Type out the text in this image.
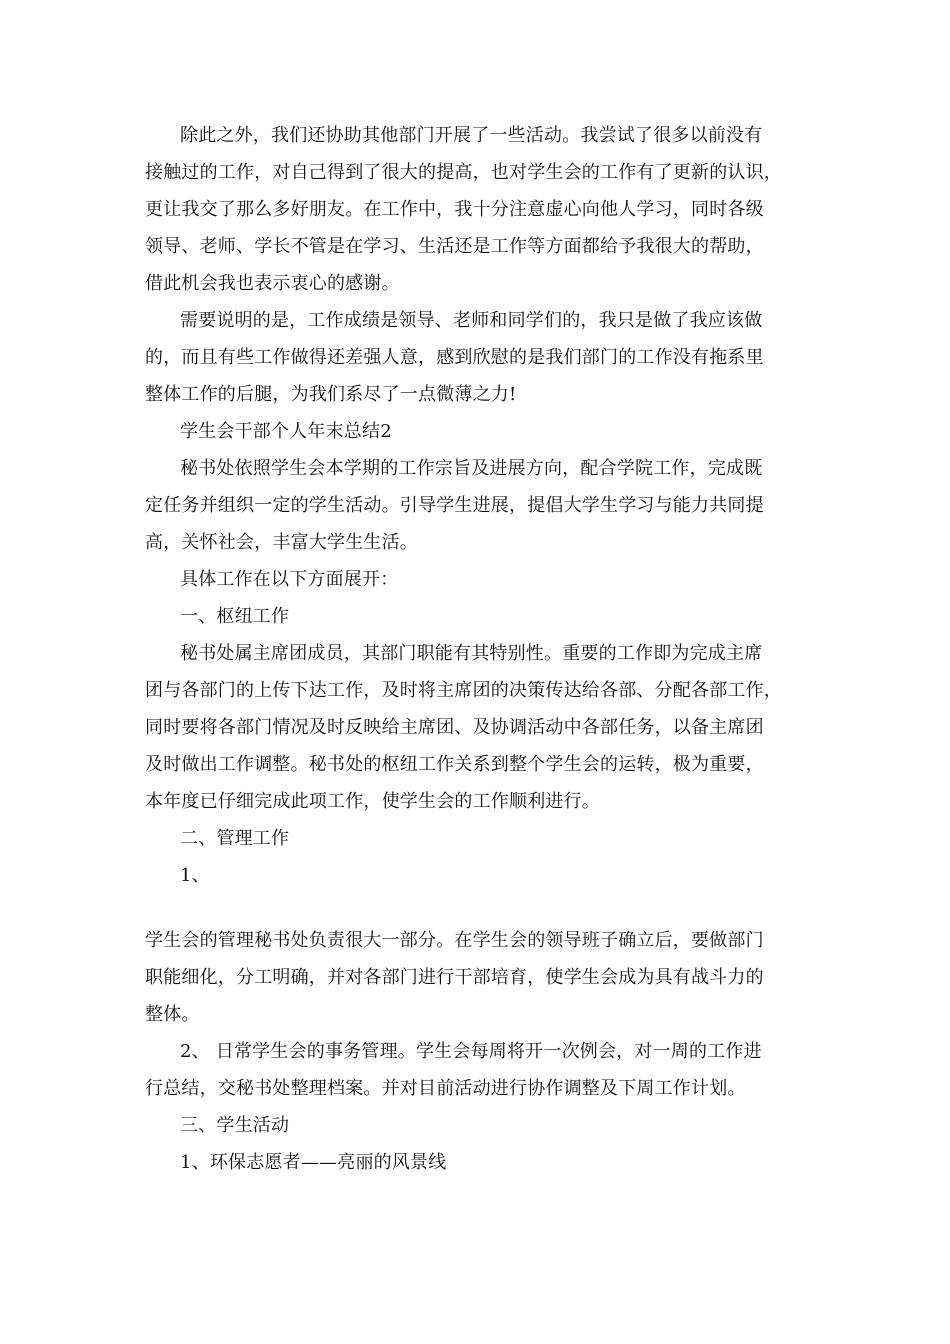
除此之外，我们还协助其他部门开展了一些活动。我尝试了很多以前没有
接触过的工作，对自己得到了很大的提高，也对学生会的工作有了更新的认识，
更让我交了那么多好朋友。在工作中，我十分注意虚心向他人学习，同时各级
领导、老师、学长不管是在学习、生活还是工作等方面都给予我很大的帮助，
借此机会我也表示衷心的感谢。
需要说明的是，工作成绩是领导、老师和同学们的，我只是做了我应该做
的，而且有些工作做得还差强人意，感到欣慰的是我们部门的工作没有拖系里
整体工作的后腿，为我们系尽了一点微薄之力!
学生会干部个人年末总结2
秘书处依照学生会本学期的工作宗旨及进展方向，配合学院工作，完成既
定任务并组织一定的学生活动。引导学生进展，提倡大学生学习与能力共同提
高，关怀社会，丰富大学生生活。
具体工作在以下方面展开：
一、枢纽工作
秘书处属主席团成员，其部门职能有其特别性。重要的工作即为完成主席
团与各部门的上传下达工作，及时将主席团的决策传达给各部、分配各部工作，
同时要将各部门情况及时反映给主席团、及协调活动中各部任务，以备主席团
及时做出工作调整。秘书处的枢纽工作关系到整个学生会的运转，极为重要，
本年度已仔细完成此项工作，使学生会的工作顺利进行。
二、管理工作
1、
学生会的管理秘书处负责很大一部分。在学生会的领导班子确立后，要做部门
职能细化，分工明确，并对各部门进行干部培育，使学生会成为具有战斗力的
整体。
2、 日常学生会的事务管理。学生会每周将开一次例会，对一周的工作进
行总结，交秘书处整理档案。并对目前活动进行协作调整及下周工作计划。
三、学生活动
1、环保志愿者——亮丽的风景线
